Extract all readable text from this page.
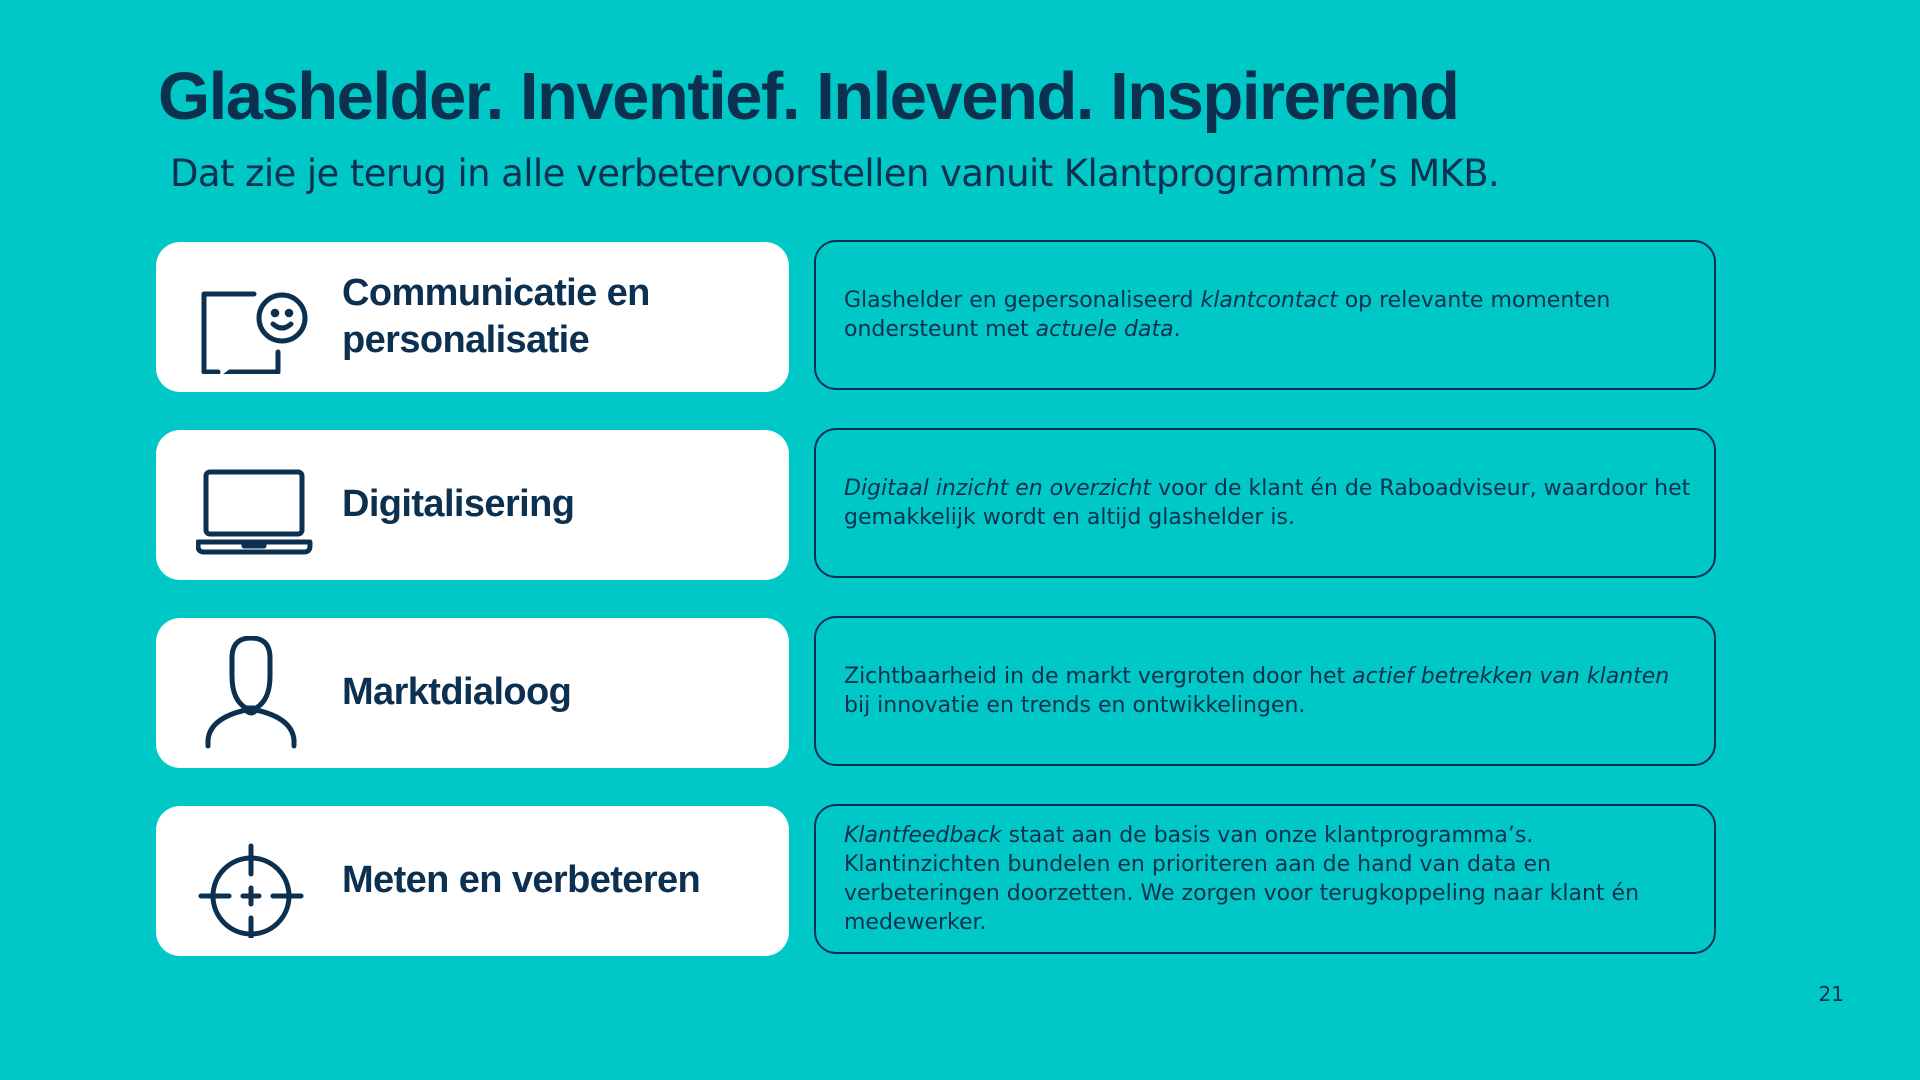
Glashelder. Inventief. Inlevend. Inspirerend
Dat zie je terug in alle verbetervoorstellen vanuit Klantprogramma’s MKB.
Communicatie en
personalisatie

Glashelder en gepersonaliseerd klantcontact op relevante momenten ondersteunt met actuele data.

Digitalisering	Digitaal inzicht en overzicht voor de klant én de Raboadviseur, waardoor het gemakkelijk wordt en altijd glashelder is.

Marktdialoog	Zichtbaarheid in de markt vergroten door het actief betrekken van klanten bij innovatie en trends en ontwikkelingen.

Meten en verbeteren

Klantfeedback staat aan de basis van onze klantprogramma’s. Klantinzichten bundelen en prioriteren aan de hand van data en verbeteringen doorzetten. We zorgen voor terugkoppeling naar klant én medewerker.

21
